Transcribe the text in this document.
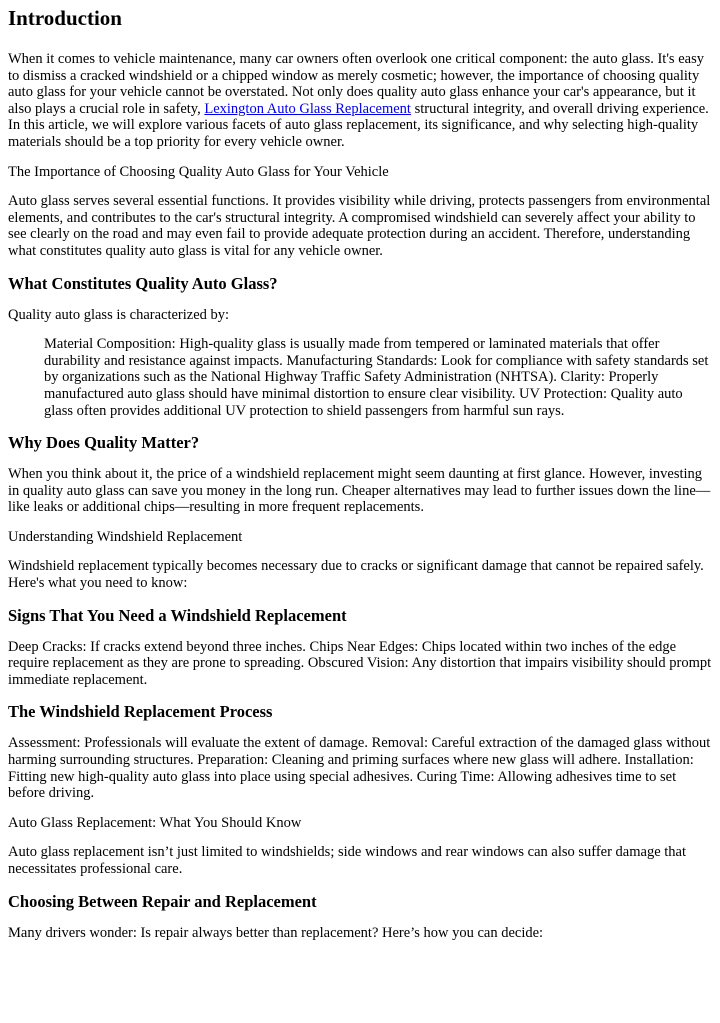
Introduction

When it comes to vehicle maintenance, many car owners often overlook one critical component: the auto glass. It's easy to dismiss a cracked windshield or a chipped window as merely cosmetic; however, the importance of choosing quality auto glass for your vehicle cannot be overstated. Not only does quality auto glass enhance your car's appearance, but it also plays a crucial role in safety, Lexington Auto Glass Replacement structural integrity, and overall driving experience. In this article, we will explore various facets of auto glass replacement, its significance, and why selecting high-quality materials should be a top priority for every vehicle owner.

The Importance of Choosing Quality Auto Glass for Your Vehicle

Auto glass serves several essential functions. It provides visibility while driving, protects passengers from environmental elements, and contributes to the car's structural integrity. A compromised windshield can severely affect your ability to see clearly on the road and may even fail to provide adequate protection during an accident. Therefore, understanding what constitutes quality auto glass is vital for any vehicle owner.

What Constitutes Quality Auto Glass?

Quality auto glass is characterized by:

Material Composition: High-quality glass is usually made from tempered or laminated materials that offer durability and resistance against impacts. Manufacturing Standards: Look for compliance with safety standards set by organizations such as the National Highway Traffic Safety Administration (NHTSA). Clarity: Properly manufactured auto glass should have minimal distortion to ensure clear visibility. UV Protection: Quality auto glass often provides additional UV protection to shield passengers from harmful sun rays.
Why Does Quality Matter?

When you think about it, the price of a windshield replacement might seem daunting at first glance. However, investing in quality auto glass can save you money in the long run. Cheaper alternatives may lead to further issues down the line—like leaks or additional chips—resulting in more frequent replacements.

Understanding Windshield Replacement

Windshield replacement typically becomes necessary due to cracks or significant damage that cannot be repaired safely. Here's what you need to know:

Signs That You Need a Windshield Replacement

Deep Cracks: If cracks extend beyond three inches. Chips Near Edges: Chips located within two inches of the edge require replacement as they are prone to spreading. Obscured Vision: Any distortion that impairs visibility should prompt immediate replacement.

The Windshield Replacement Process

Assessment: Professionals will evaluate the extent of damage. Removal: Careful extraction of the damaged glass without harming surrounding structures. Preparation: Cleaning and priming surfaces where new glass will adhere. Installation: Fitting new high-quality auto glass into place using special adhesives. Curing Time: Allowing adhesives time to set before driving.

Auto Glass Replacement: What You Should Know

Auto glass replacement isn’t just limited to windshields; side windows and rear windows can also suffer damage that necessitates professional care.

Choosing Between Repair and Replacement

Many drivers wonder: Is repair always better than replacement? Here’s how you can decide:
